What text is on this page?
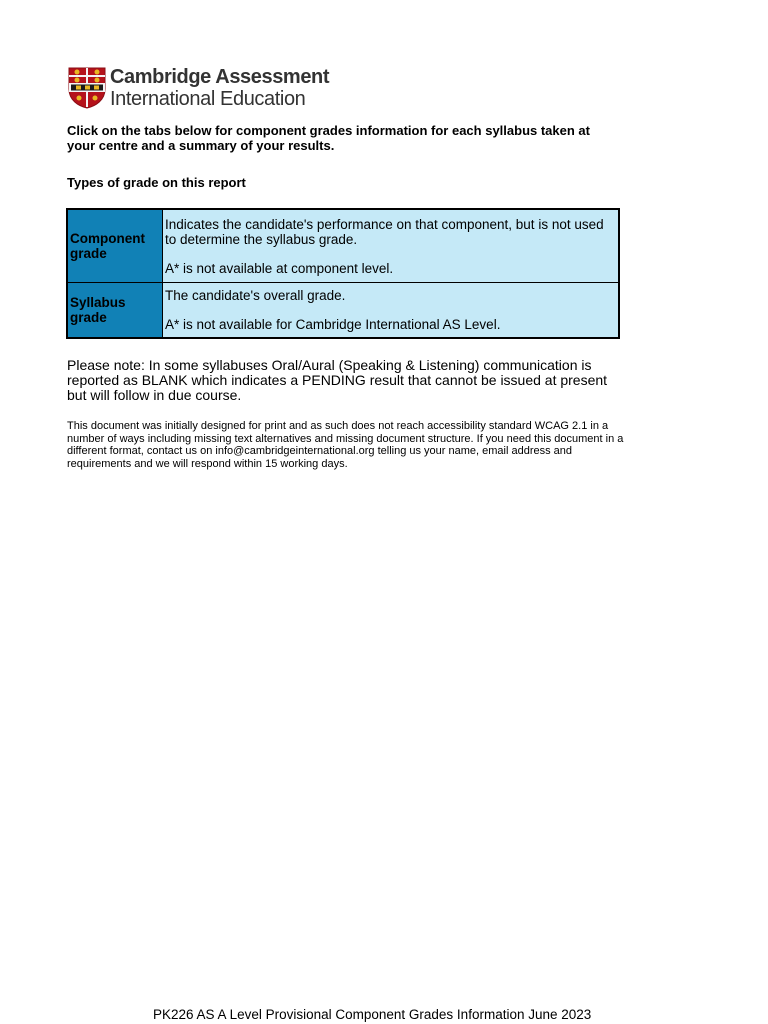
Cambridge Assessment
International Education

Click on the tabs below for component grades information for each syllabus taken at your centre and a summary of your results.

Types of grade on this report

Component grade	Indicates the candidate's performance on that component, but is not used to determine the syllabus grade.

A* is not available at component level.

Syllabus grade	The candidate's overall grade.

A* is not available for Cambridge International AS Level.

Please note: In some syllabuses Oral/Aural (Speaking & Listening) communication is reported as BLANK which indicates a PENDING result that cannot be issued at present but will follow in due course.

This document was initially designed for print and as such does not reach accessibility standard WCAG 2.1 in a number of ways including missing text alternatives and missing document structure. If you need this document in a different format, contact us on info@cambridgeinternational.org telling us your name, email address and requirements and we will respond within 15 working days.

PK226 AS A Level Provisional Component Grades Information June 2023
